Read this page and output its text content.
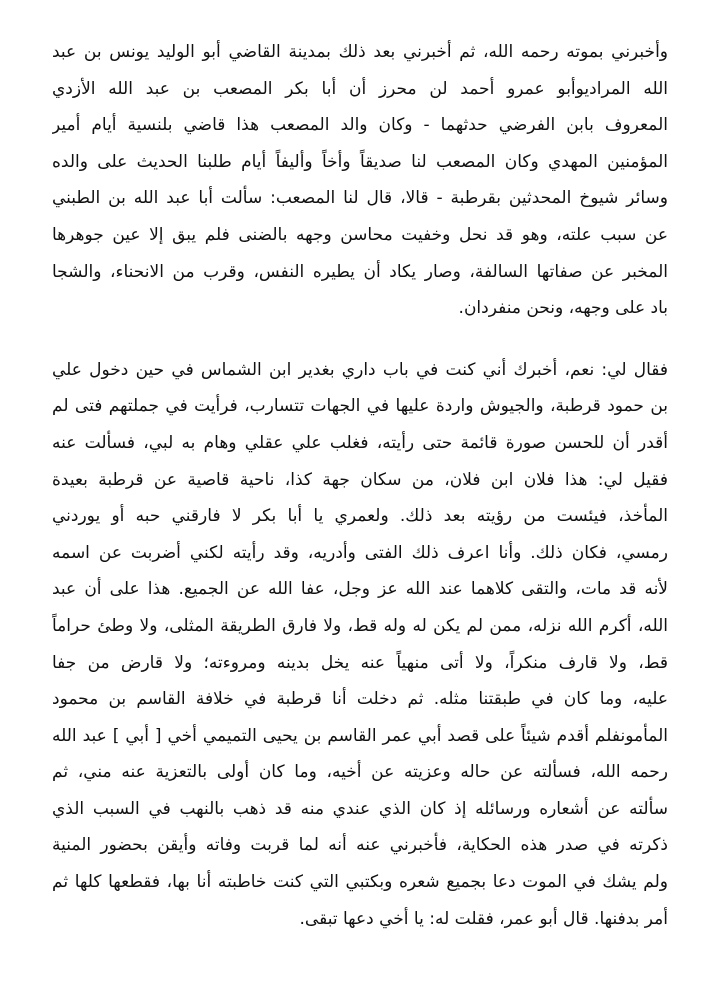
وأخبرني بموته رحمه الله، ثم أخبرني بعد ذلك بمدينة القاضي أبو الوليد يونس بن عبد
الله المراديوأبو عمرو أحمد لن محرز أن أبا بكر المصعب بن عبد الله الأزدي
المعروف بابن الفرضي حدثهما - وكان والد المصعب هذا قاضي بلنسية أيام أمير
المؤمنين المهدي وكان المصعب لنا صديقاً وأخاً وأليفاً أيام طلبنا الحديث على والده
وسائر شيوخ المحدثين بقرطبة - قالا، قال لنا المصعب: سألت أبا عبد الله بن الطبني
عن سبب علته، وهو قد نحل وخفيت محاسن وجهه بالضنى فلم يبق إلا عين جوهرها
المخبر عن صفاتها السالفة، وصار يكاد أن يطيره النفس، وقرب من الانحناء، والشجا
باد على وجهه، ونحن منفردان.

فقال لي: نعم، أخبرك أني كنت في باب داري بغدير ابن الشماس في حين دخول علي
بن حمود قرطبة، والجيوش واردة عليها في الجهات تتسارب، فرأيت في جملتهم فتى لم
أقدر أن للحسن صورة قائمة حتى رأيته، فغلب علي عقلي وهام به لبي، فسألت عنه
فقيل لي: هذا فلان ابن فلان، من سكان جهة كذا، ناحية قاصية عن قرطبة بعيدة
المأخذ، فيئست من رؤيته بعد ذلك. ولعمري يا أبا بكر لا فارقني حبه أو يوردني
رمسي، فكان ذلك. وأنا اعرف ذلك الفتى وأدريه، وقد رأيته لكني أضربت عن اسمه
لأنه قد مات، والتقى كلاهما عند الله عز وجل، عفا الله عن الجميع. هذا على أن عبد
الله، أكرم الله نزله، ممن لم يكن له وله قط، ولا فارق الطريقة المثلى، ولا وطئ حراماً
قط، ولا قارف منكراً، ولا أتى منهياً عنه يخل بدينه ومروءته؛ ولا قارض من جفا
عليه، وما كان في طبقتنا مثله. ثم دخلت أنا قرطبة في خلافة القاسم بن محمود
المأمونفلم أقدم شيئاً على قصد أبي عمر القاسم بن يحيى التميمي أخي [ أبي ] عبد الله
رحمه الله، فسألته عن حاله وعزيته عن أخيه، وما كان أولى بالتعزية عنه مني، ثم
سألته عن أشعاره ورسائله إذ كان الذي عندي منه قد ذهب بالنهب في السبب الذي
ذكرته في صدر هذه الحكاية، فأخبرني عنه أنه لما قربت وفاته وأيقن بحضور المنية
ولم يشك في الموت دعا بجميع شعره وبكتبي التي كنت خاطبته أنا بها، فقطعها كلها ثم
أمر بدفنها. قال أبو عمر، فقلت له: يا أخي دعها تبقى.
